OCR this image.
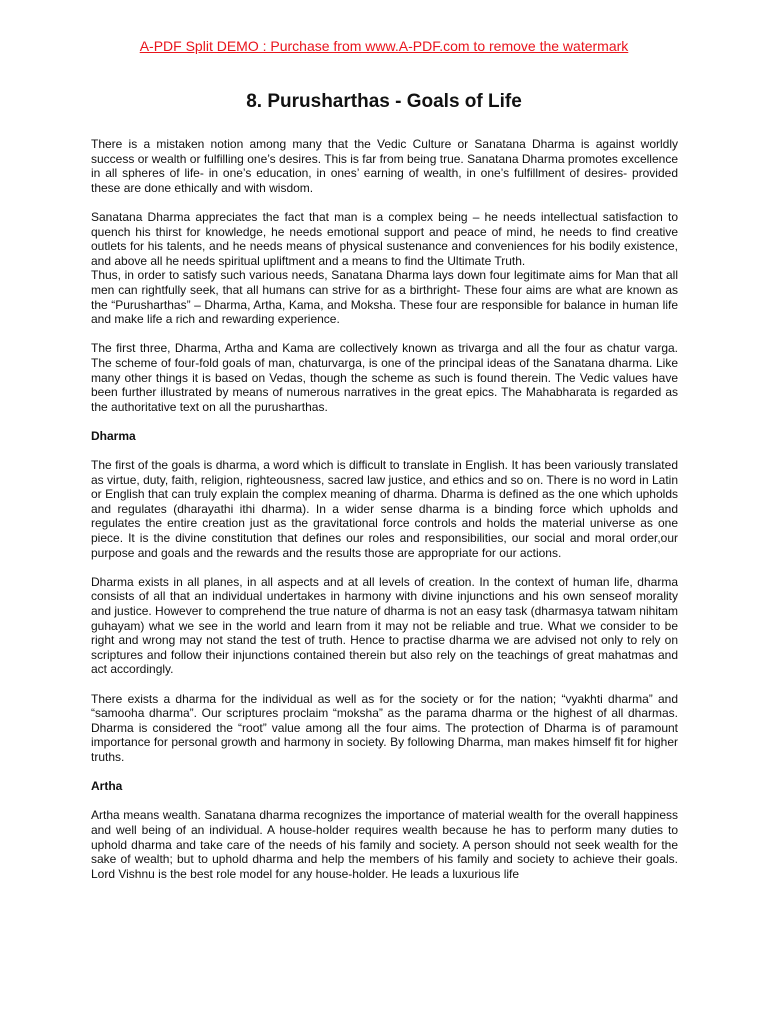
A-PDF Split DEMO : Purchase from www.A-PDF.com to remove the watermark
8. Purusharthas - Goals of Life

There is a mistaken notion among many that the Vedic Culture or Sanatana Dharma is against worldly success or wealth or fulfilling one’s desires. This is far from being true. Sanatana Dharma promotes excellence in all spheres of life- in one’s education, in ones’ earning of wealth, in one’s fulfillment of desires- provided these are done ethically and with wisdom.

Sanatana Dharma appreciates the fact that man is a complex being – he needs intellectual satisfaction to quench his thirst for knowledge, he needs emotional support and peace of mind, he needs to find creative outlets for his talents, and he needs means of physical sustenance and conveniences for his bodily existence, and above all he needs spiritual upliftment and a means to find the Ultimate Truth.

Thus, in order to satisfy such various needs, Sanatana Dharma lays down four legitimate aims for Man that all men can rightfully seek, that all humans can strive for as a birthright- These four aims are what are known as the “Purusharthas” – Dharma, Artha, Kama, and Moksha. These four are responsible for balance in human life and make life a rich and rewarding experience.

The first three, Dharma, Artha and Kama are collectively known as trivarga and all the four as chatur varga. The scheme of four-fold goals of man, chaturvarga, is one of the principal ideas of the Sanatana dharma. Like many other things it is based on Vedas, though the scheme as such is found therein. The Vedic values have been further illustrated by means of numerous narratives in the great epics. The Mahabharata is regarded as the authoritative text on all the purusharthas.

Dharma

The first of the goals is dharma, a word which is difficult to translate in English. It has been variously translated as virtue, duty, faith, religion, righteousness, sacred law justice, and ethics and so on. There is no word in Latin or English that can truly explain the complex meaning of dharma. Dharma is defined as the one which upholds and regulates (dharayathi ithi dharma). In a wider sense dharma is a binding force which upholds and regulates the entire creation just as the gravitational force controls and holds the material universe as one piece. It is the divine constitution that defines our roles and responsibilities, our social and moral order,our purpose and goals and the rewards and the results those are appropriate for our actions.

Dharma exists in all planes, in all aspects and at all levels of creation. In the context of human life, dharma consists of all that an individual undertakes in harmony with divine injunctions and his own senseof morality and justice. However to comprehend the true nature of dharma is not an easy task (dharmasya tatwam nihitam guhayam) what we see in the world and learn from it may not be reliable and true. What we consider to be right and wrong may not stand the test of truth. Hence to practise dharma we are advised not only to rely on scriptures and follow their injunctions contained therein but also rely on the teachings of great mahatmas and act accordingly.

There exists a dharma for the individual as well as for the society or for the nation; “vyakhti dharma” and “samooha dharma”. Our scriptures proclaim “moksha” as the parama dharma or the highest of all dharmas. Dharma is considered the “root” value among all the four aims. The protection of Dharma is of paramount importance for personal growth and harmony in society. By following Dharma, man makes himself fit for higher truths.

Artha

Artha means wealth. Sanatana dharma recognizes the importance of material wealth for the overall happiness and well being of an individual. A house-holder requires wealth because he has to perform many duties to uphold dharma and take care of the needs of his family and society. A person should not seek wealth for the sake of wealth; but to uphold dharma and help the members of his family and society to achieve their goals. Lord Vishnu is the best role model for any house-holder. He leads a luxurious life
